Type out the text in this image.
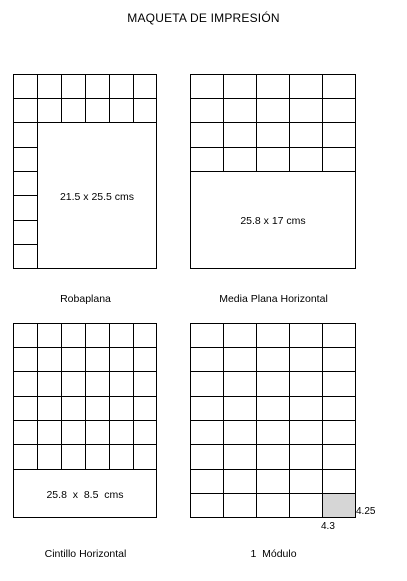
MAQUETA DE IMPRESIÓN
21.5 x 25.5 cms
Robaplana
25.8 x 17 cms
Media Plana Horizontal
25.8  x  8.5  cms
Cintillo Horizontal
4.25
4.3
1  Módulo
